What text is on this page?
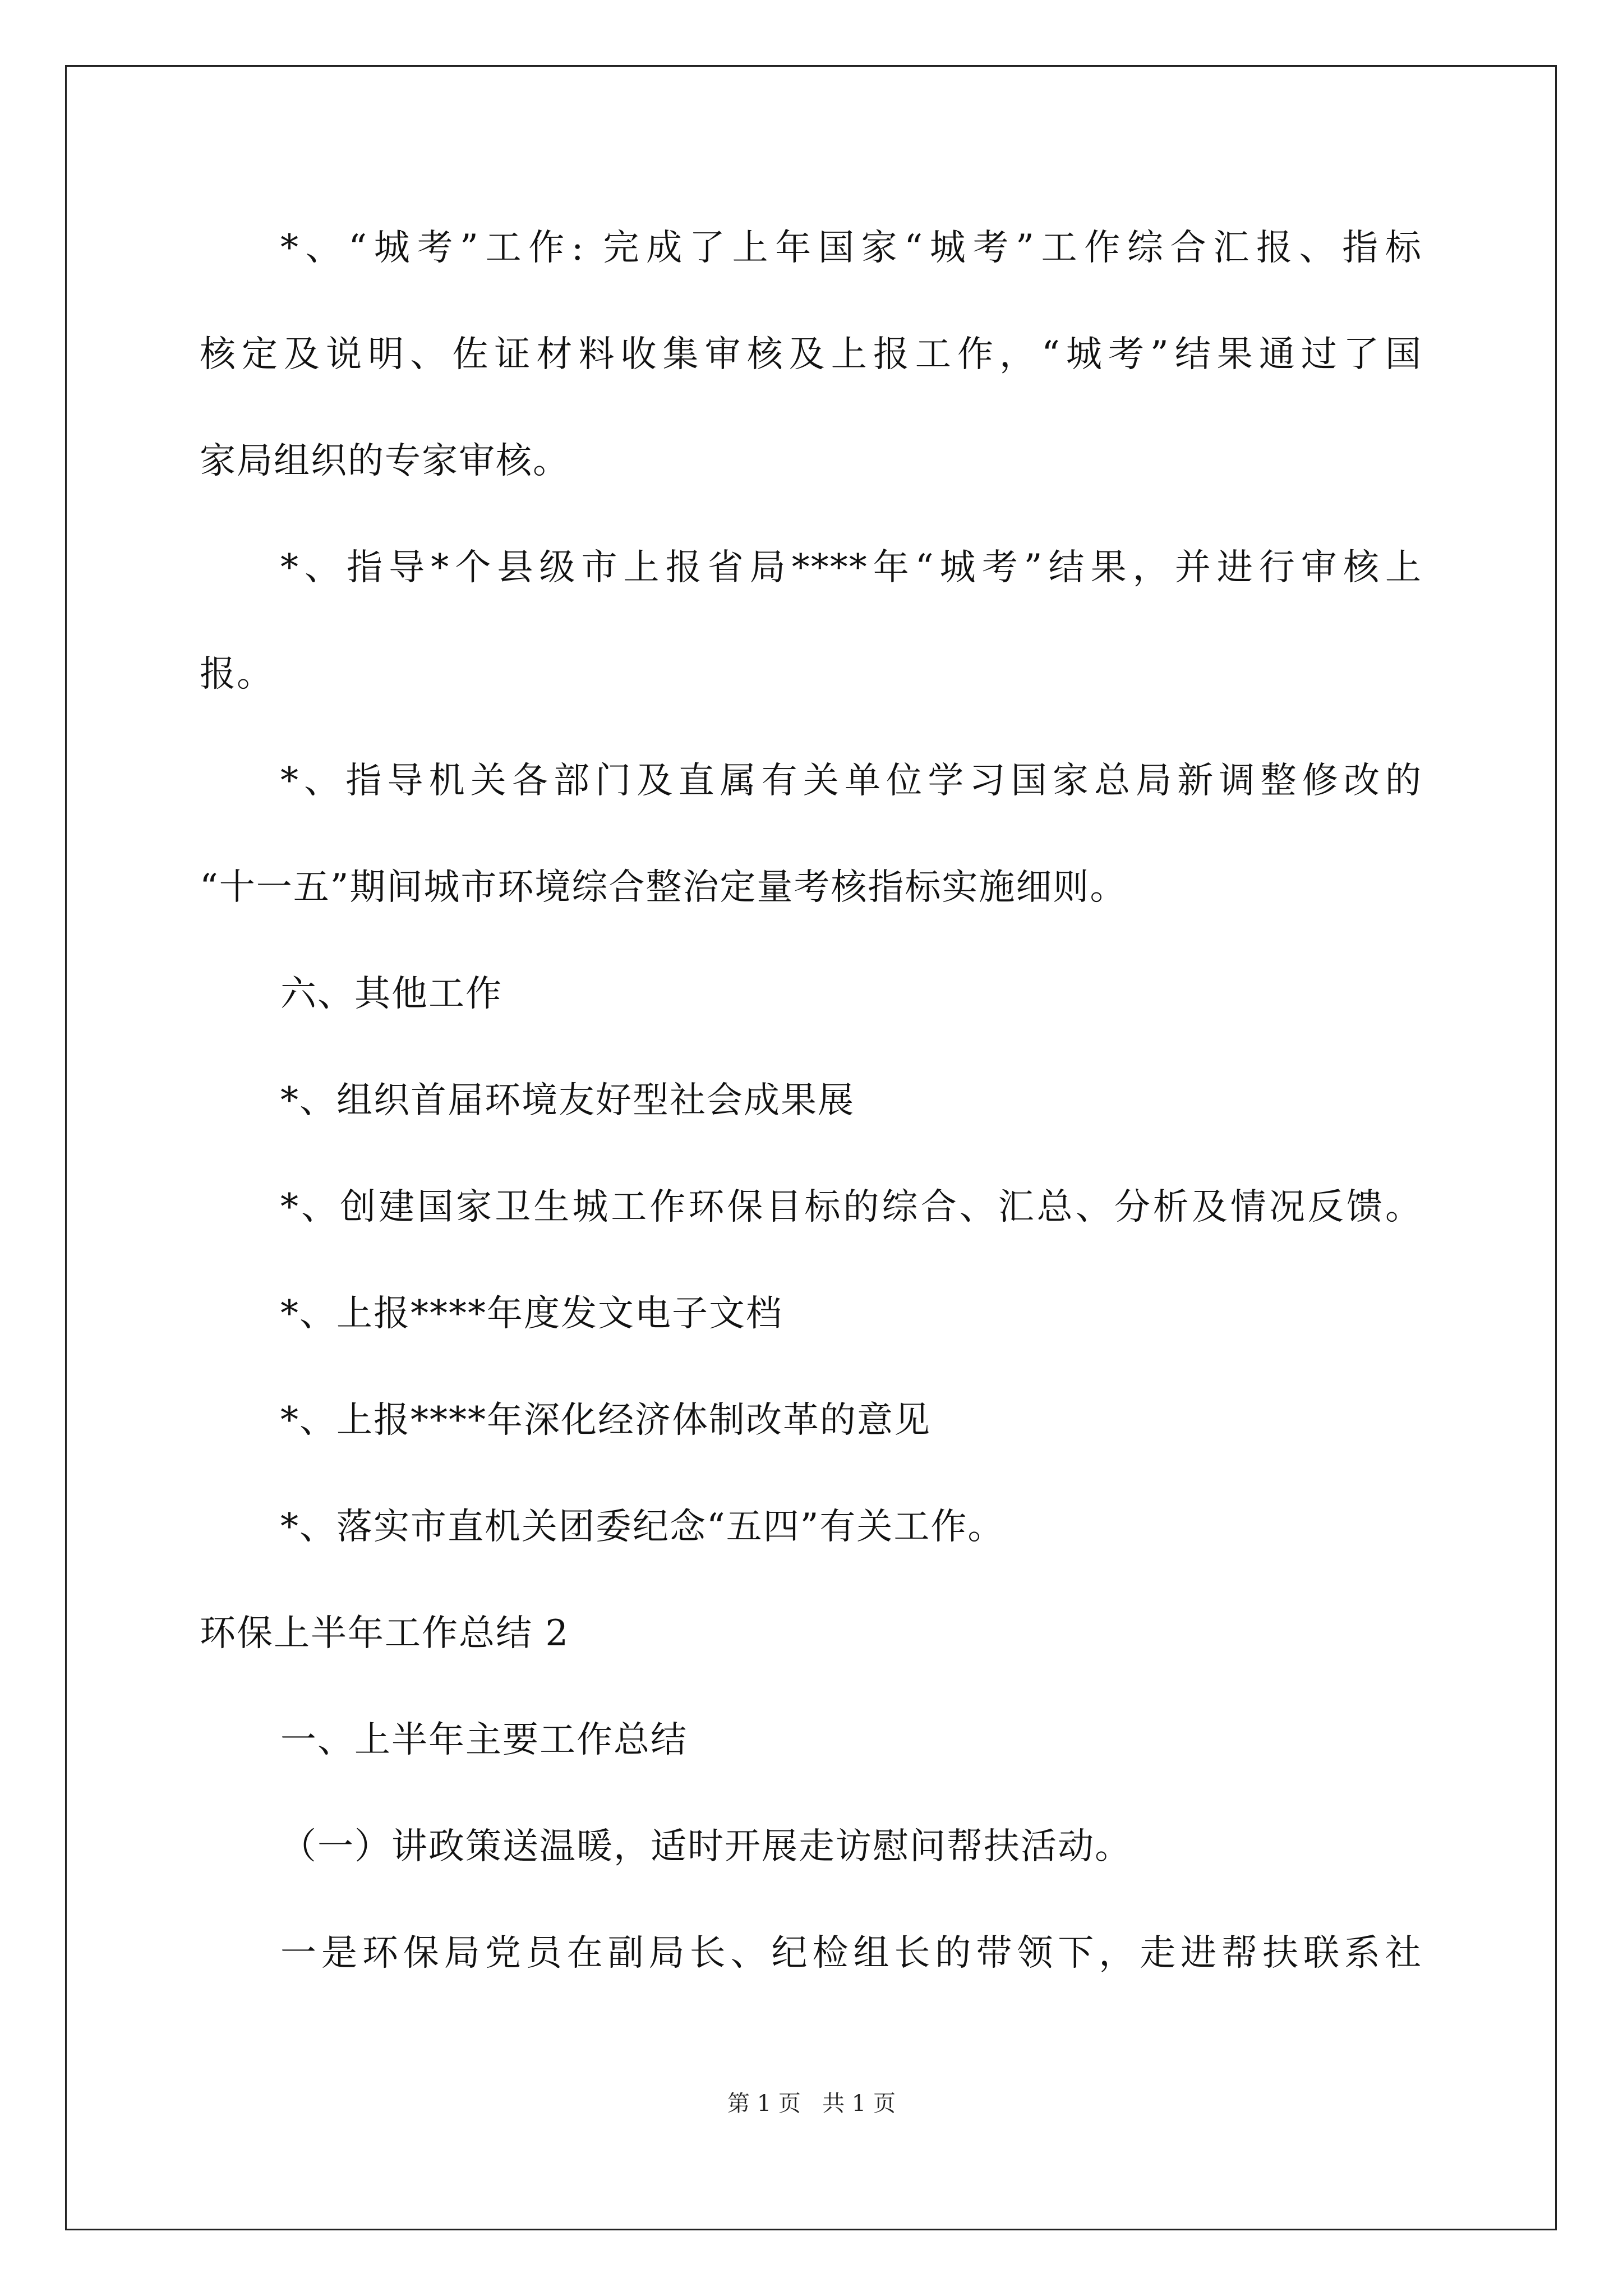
*、“城考”工作: 完成了上年国家“城考”工作综合汇报、指标
核定及说明、佐证材料收集审核及上报工作，“城考”结果通过了国
家局组织的专家审核。
*、指导*个县级市上报省局****年“城考”结果，并进行审核上
报。
*、指导机关各部门及直属有关单位学习国家总局新调整修改的
“十一五”期间城市环境综合整治定量考核指标实施细则。
六、其他工作
*、组织首届环境友好型社会成果展
*、创建国家卫生城工作环保目标的综合、汇总、分析及情况反馈。
*、上报****年度发文电子文档
*、上报****年深化经济体制改革的意见
*、落实市直机关团委纪念“五四”有关工作。
环保上半年工作总结 2
一、上半年主要工作总结
（一）讲政策送温暖，适时开展走访慰问帮扶活动。
一是环保局党员在副局长、纪检组长的带领下，走进帮扶联系社
第 1 页 共 1 页
